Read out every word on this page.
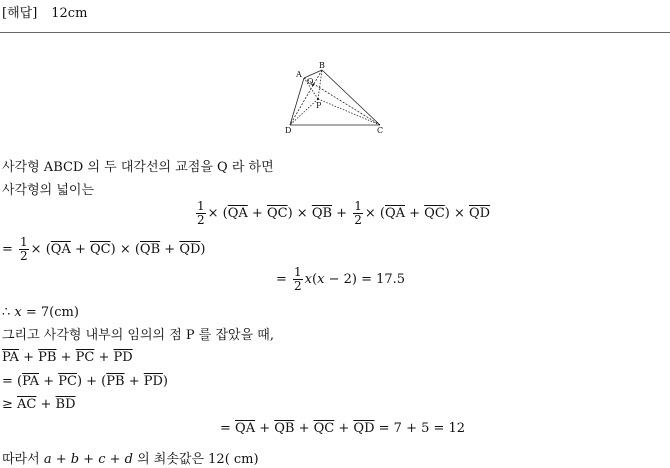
[해답] 12cm
A
B
C
D
Q
P
사각형 ABCD 의 두 대각선의 교점을 Q 라 하면
사각형의 넓이는
$\frac{1}{2} \times (\overline{QA} + \overline{QC}) \times \overline{QB} + \frac{1}{2} \times (\overline{QA} + \overline{QC}) \times \overline{QD}$
= $\frac{1}{2} \times (\overline{QA} + \overline{QC}) \times (\overline{QB} + \overline{QD})$
= $\frac{1}{2} x(x - 2) = 17.5$
∴ x = 7(cm)
그리고 사각형 내부의 임의의 점 P 를 잡았을 때,
$\overline{PA} + \overline{PB} + \overline{PC} + \overline{PD}$
= $(\overline{PA} + \overline{PC}) + (\overline{PB} + \overline{PD})$
≥ $\overline{AC} + \overline{BD}$
= $\overline{QA} + \overline{QB} + \overline{QC} + \overline{QD} = 7 + 5 = 12$
따라서 a + b + c + d 의 최솟값은 12( cm)
